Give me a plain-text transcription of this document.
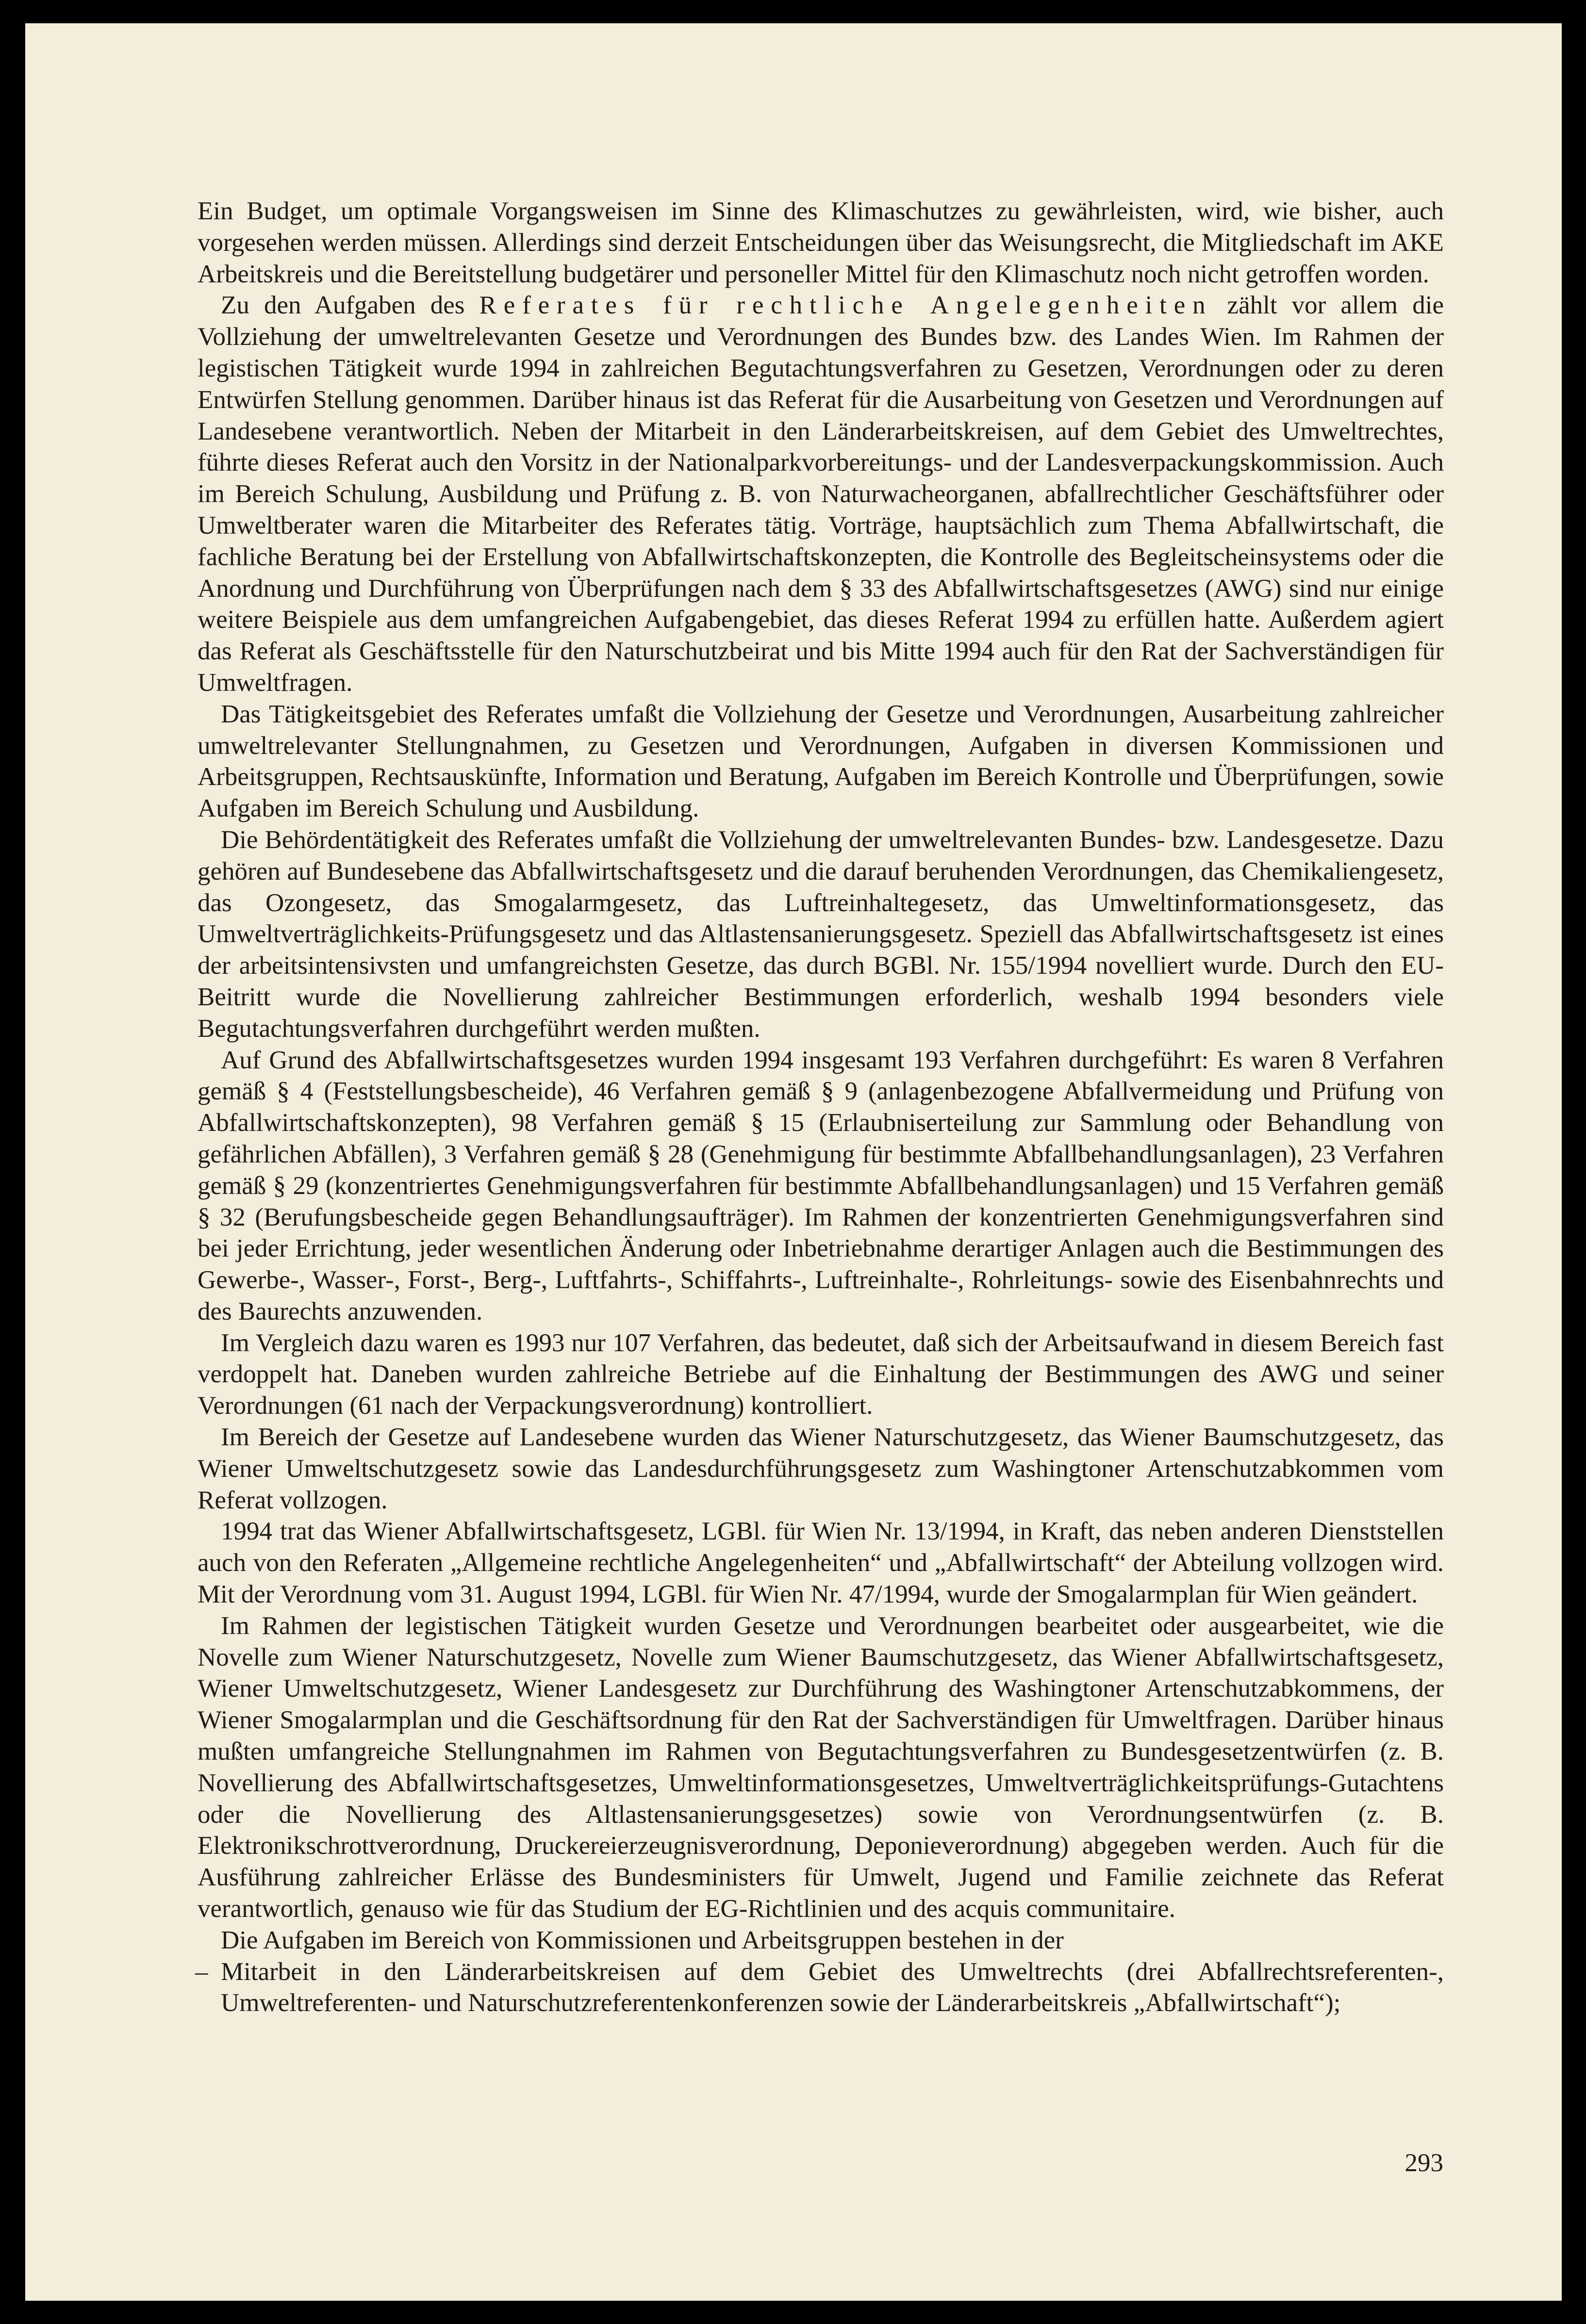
Ein Budget, um optimale Vorgangsweisen im Sinne des Klimaschutzes zu gewährleisten, wird, wie bisher, auch vorgesehen werden müssen. Allerdings sind derzeit Entscheidungen über das Weisungsrecht, die Mitgliedschaft im AKE Arbeitskreis und die Bereitstellung budgetärer und personeller Mittel für den Klimaschutz noch nicht getroffen worden.

Zu den Aufgaben des Referates für rechtliche Angelegenheiten zählt vor allem die Vollziehung der umweltrelevanten Gesetze und Verordnungen des Bundes bzw. des Landes Wien. Im Rahmen der legistischen Tätigkeit wurde 1994 in zahlreichen Begutachtungsverfahren zu Gesetzen, Verordnungen oder zu deren Entwürfen Stellung genommen. Darüber hinaus ist das Referat für die Ausarbeitung von Gesetzen und Verordnungen auf Landesebene verantwortlich. Neben der Mitarbeit in den Länderarbeitskreisen, auf dem Gebiet des Umweltrechtes, führte dieses Referat auch den Vorsitz in der Nationalparkvorbereitungs- und der Landesverpackungskommission. Auch im Bereich Schulung, Ausbildung und Prüfung z. B. von Naturwacheorganen, abfallrechtlicher Geschäftsführer oder Umweltberater waren die Mitarbeiter des Referates tätig. Vorträge, hauptsächlich zum Thema Abfallwirtschaft, die fachliche Beratung bei der Erstellung von Abfallwirtschaftskonzepten, die Kontrolle des Begleitscheinsystems oder die Anordnung und Durchführung von Überprüfungen nach dem § 33 des Abfallwirtschaftsgesetzes (AWG) sind nur einige weitere Beispiele aus dem umfangreichen Aufgabengebiet, das dieses Referat 1994 zu erfüllen hatte. Außerdem agiert das Referat als Geschäftsstelle für den Naturschutzbeirat und bis Mitte 1994 auch für den Rat der Sachverständigen für Umweltfragen.

Das Tätigkeitsgebiet des Referates umfaßt die Vollziehung der Gesetze und Verordnungen, Ausarbeitung zahlreicher umweltrelevanter Stellungnahmen, zu Gesetzen und Verordnungen, Aufgaben in diversen Kommissionen und Arbeitsgruppen, Rechtsauskünfte, Information und Beratung, Aufgaben im Bereich Kontrolle und Überprüfungen, sowie Aufgaben im Bereich Schulung und Ausbildung.

Die Behördentätigkeit des Referates umfaßt die Vollziehung der umweltrelevanten Bundes- bzw. Landesgesetze. Dazu gehören auf Bundesebene das Abfallwirtschaftsgesetz und die darauf beruhenden Verordnungen, das Chemikaliengesetz, das Ozongesetz, das Smogalarmgesetz, das Luftreinhaltegesetz, das Umweltinformationsgesetz, das Umweltverträglichkeits-Prüfungsgesetz und das Altlastensanierungsgesetz. Speziell das Abfallwirtschaftsgesetz ist eines der arbeitsintensivsten und umfangreichsten Gesetze, das durch BGBl. Nr. 155/1994 novelliert wurde. Durch den EU-Beitritt wurde die Novellierung zahlreicher Bestimmungen erforderlich, weshalb 1994 besonders viele Begutachtungsverfahren durchgeführt werden mußten.

Auf Grund des Abfallwirtschaftsgesetzes wurden 1994 insgesamt 193 Verfahren durchgeführt: Es waren 8 Verfahren gemäß § 4 (Feststellungsbescheide), 46 Verfahren gemäß § 9 (anlagenbezogene Abfallvermeidung und Prüfung von Abfallwirtschaftskonzepten), 98 Verfahren gemäß § 15 (Erlaubniserteilung zur Sammlung oder Behandlung von gefährlichen Abfällen), 3 Verfahren gemäß § 28 (Genehmigung für bestimmte Abfallbehandlungsanlagen), 23 Verfahren gemäß § 29 (konzentriertes Genehmigungsverfahren für bestimmte Abfallbehandlungsanlagen) und 15 Verfahren gemäß § 32 (Berufungsbescheide gegen Behandlungsaufträger). Im Rahmen der konzentrierten Genehmigungsverfahren sind bei jeder Errichtung, jeder wesentlichen Änderung oder Inbetriebnahme derartiger Anlagen auch die Bestimmungen des Gewerbe-, Wasser-, Forst-, Berg-, Luftfahrts-, Schiffahrts-, Luftreinhalte-, Rohrleitungs- sowie des Eisenbahnrechts und des Baurechts anzuwenden.

Im Vergleich dazu waren es 1993 nur 107 Verfahren, das bedeutet, daß sich der Arbeitsaufwand in diesem Bereich fast verdoppelt hat. Daneben wurden zahlreiche Betriebe auf die Einhaltung der Bestimmungen des AWG und seiner Verordnungen (61 nach der Verpackungsverordnung) kontrolliert.

Im Bereich der Gesetze auf Landesebene wurden das Wiener Naturschutzgesetz, das Wiener Baumschutzgesetz, das Wiener Umweltschutzgesetz sowie das Landesdurchführungsgesetz zum Washingtoner Artenschutzabkommen vom Referat vollzogen.

1994 trat das Wiener Abfallwirtschaftsgesetz, LGBl. für Wien Nr. 13/1994, in Kraft, das neben anderen Dienststellen auch von den Referaten „Allgemeine rechtliche Angelegenheiten“ und „Abfallwirtschaft“ der Abteilung vollzogen wird. Mit der Verordnung vom 31. August 1994, LGBl. für Wien Nr. 47/1994, wurde der Smogalarmplan für Wien geändert.

Im Rahmen der legistischen Tätigkeit wurden Gesetze und Verordnungen bearbeitet oder ausgearbeitet, wie die Novelle zum Wiener Naturschutzgesetz, Novelle zum Wiener Baumschutzgesetz, das Wiener Abfallwirtschaftsgesetz, Wiener Umweltschutzgesetz, Wiener Landesgesetz zur Durchführung des Washingtoner Artenschutzabkommens, der Wiener Smogalarmplan und die Geschäftsordnung für den Rat der Sachverständigen für Umweltfragen. Darüber hinaus mußten umfangreiche Stellungnahmen im Rahmen von Begutachtungsverfahren zu Bundesgesetzentwürfen (z. B. Novellierung des Abfallwirtschaftsgesetzes, Umweltinformationsgesetzes, Umweltverträglichkeitsprüfungs-Gutachtens oder die Novellierung des Altlastensanierungsgesetzes) sowie von Verordnungsentwürfen (z. B. Elektronikschrottverordnung, Druckereierzeugnisverordnung, Deponieverordnung) abgegeben werden. Auch für die Ausführung zahlreicher Erlässe des Bundesministers für Umwelt, Jugend und Familie zeichnete das Referat verantwortlich, genauso wie für das Studium der EG-Richtlinien und des acquis communitaire.

Die Aufgaben im Bereich von Kommissionen und Arbeitsgruppen bestehen in der

– Mitarbeit in den Länderarbeitskreisen auf dem Gebiet des Umweltrechts (drei Abfallrechtsreferenten-, Umweltreferenten- und Naturschutzreferentenkonferenzen sowie der Länderarbeitskreis „Abfallwirtschaft“);
293
